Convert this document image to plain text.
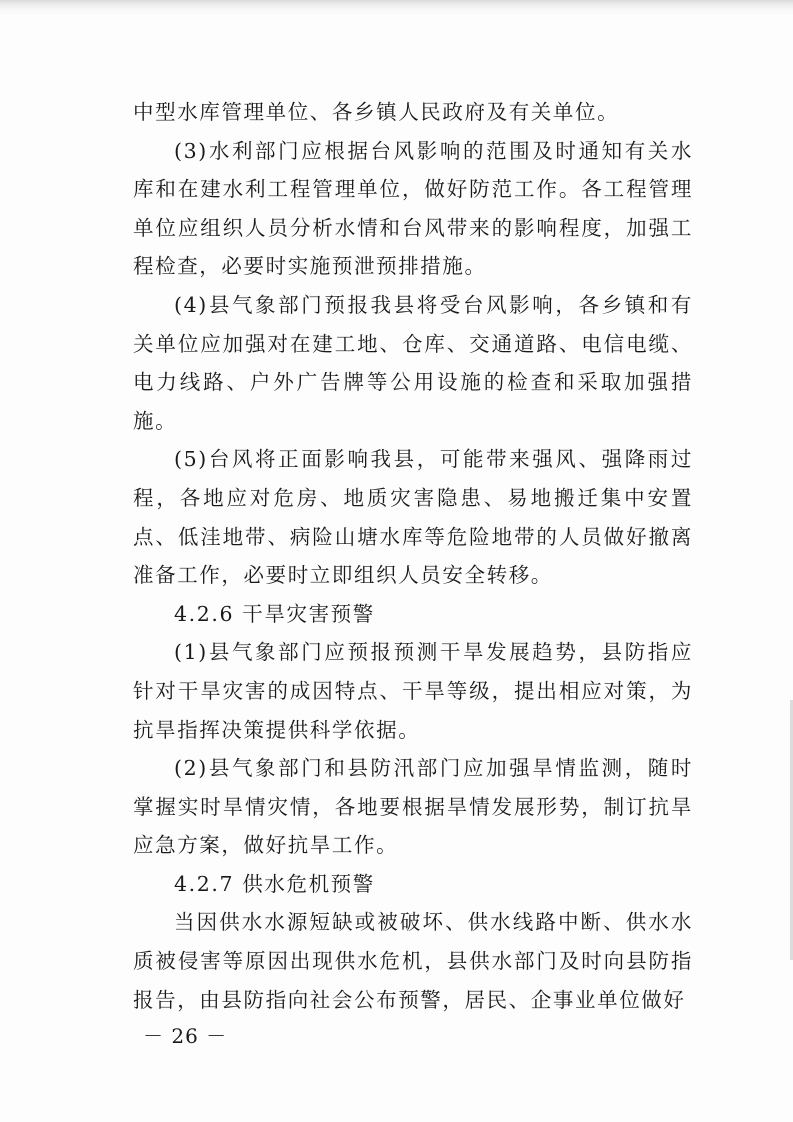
中型水库管理单位、各乡镇人民政府及有关单位。

(3)水利部门应根据台风影响的范围及时通知有关水库和在建水利工程管理单位，做好防范工作。各工程管理单位应组织人员分析水情和台风带来的影响程度，加强工程检查，必要时实施预泄预排措施。

(4)县气象部门预报我县将受台风影响，各乡镇和有关单位应加强对在建工地、仓库、交通道路、电信电缆、电力线路、户外广告牌等公用设施的检查和采取加强措施。

(5)台风将正面影响我县，可能带来强风、强降雨过程，各地应对危房、地质灾害隐患、易地搬迁集中安置点、低洼地带、病险山塘水库等危险地带的人员做好撤离准备工作，必要时立即组织人员安全转移。

4.2.6 干旱灾害预警

(1)县气象部门应预报预测干旱发展趋势，县防指应针对干旱灾害的成因特点、干旱等级，提出相应对策，为抗旱指挥决策提供科学依据。

(2)县气象部门和县防汛部门应加强旱情监测，随时掌握实时旱情灾情，各地要根据旱情发展形势，制订抗旱应急方案，做好抗旱工作。

4.2.7 供水危机预警

当因供水水源短缺或被破坏、供水线路中断、供水水质被侵害等原因出现供水危机，县供水部门及时向县防指报告，由县防指向社会公布预警，居民、企事业单位做好

－ 26 －
